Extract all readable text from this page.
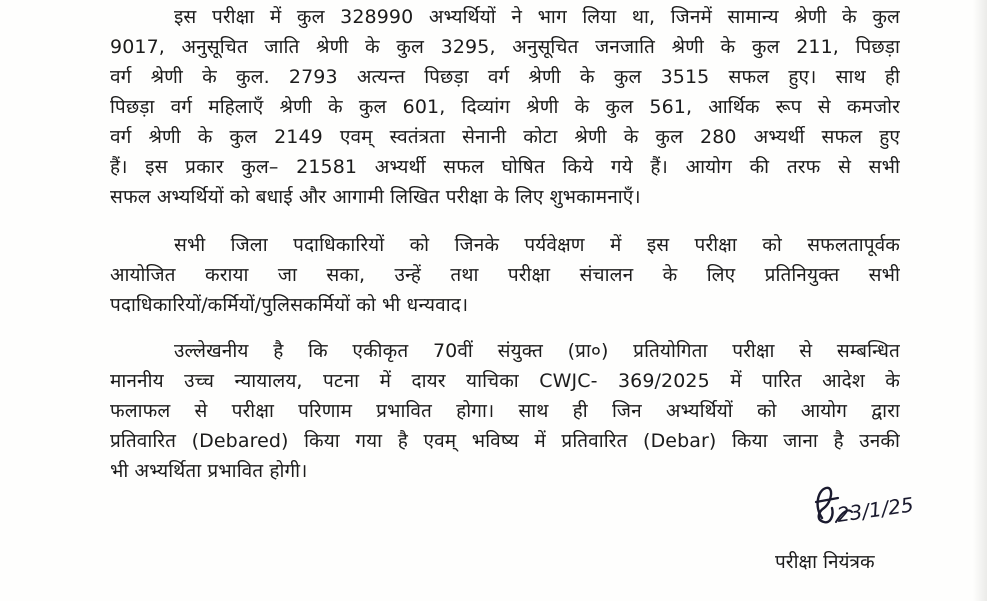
इस परीक्षा में कुल 328990 अभ्यर्थियों ने भाग लिया था, जिनमें सामान्य श्रेणी के कुल
9017, अनुसूचित जाति श्रेणी के कुल 3295, अनुसूचित जनजाति श्रेणी के कुल 211, पिछड़ा
वर्ग श्रेणी के कुल. 2793 अत्यन्त पिछड़ा वर्ग श्रेणी के कुल 3515 सफल हुए। साथ ही
पिछड़ा वर्ग महिलाएँ श्रेणी के कुल 601, दिव्यांग श्रेणी के कुल 561, आर्थिक रूप से कमजोर
वर्ग श्रेणी के कुल 2149 एवम् स्वतंत्रता सेनानी कोटा श्रेणी के कुल 280 अभ्यर्थी सफल हुए
हैं। इस प्रकार कुल– 21581 अभ्यर्थी सफल घोषित किये गये हैं। आयोग की तरफ से सभी
सफल अभ्यर्थियों को बधाई और आगामी लिखित परीक्षा के लिए शुभकामनाएँ।

सभी जिला पदाधिकारियों को जिनके पर्यवेक्षण में इस परीक्षा को सफलतापूर्वक
आयोजित कराया जा सका, उन्हें तथा परीक्षा संचालन के लिए प्रतिनियुक्त सभी
पदाधिकारियों/कर्मियों/पुलिसकर्मियों को भी धन्यवाद।

उल्लेखनीय है कि एकीकृत 70वीं संयुक्त (प्रा०) प्रतियोगिता परीक्षा से सम्बन्धित
माननीय उच्च न्यायालय, पटना में दायर याचिका CWJC- 369/2025 में पारित आदेश के
फलाफल से परीक्षा परिणाम प्रभावित होगा। साथ ही जिन अभ्यर्थियों को आयोग द्वारा
प्रतिवारित (Debared) किया गया है एवम् भविष्य में प्रतिवारित (Debar) किया जाना है उनकी
भी अभ्यर्थिता प्रभावित होगी।

23/1/25
परीक्षा नियंत्रक
